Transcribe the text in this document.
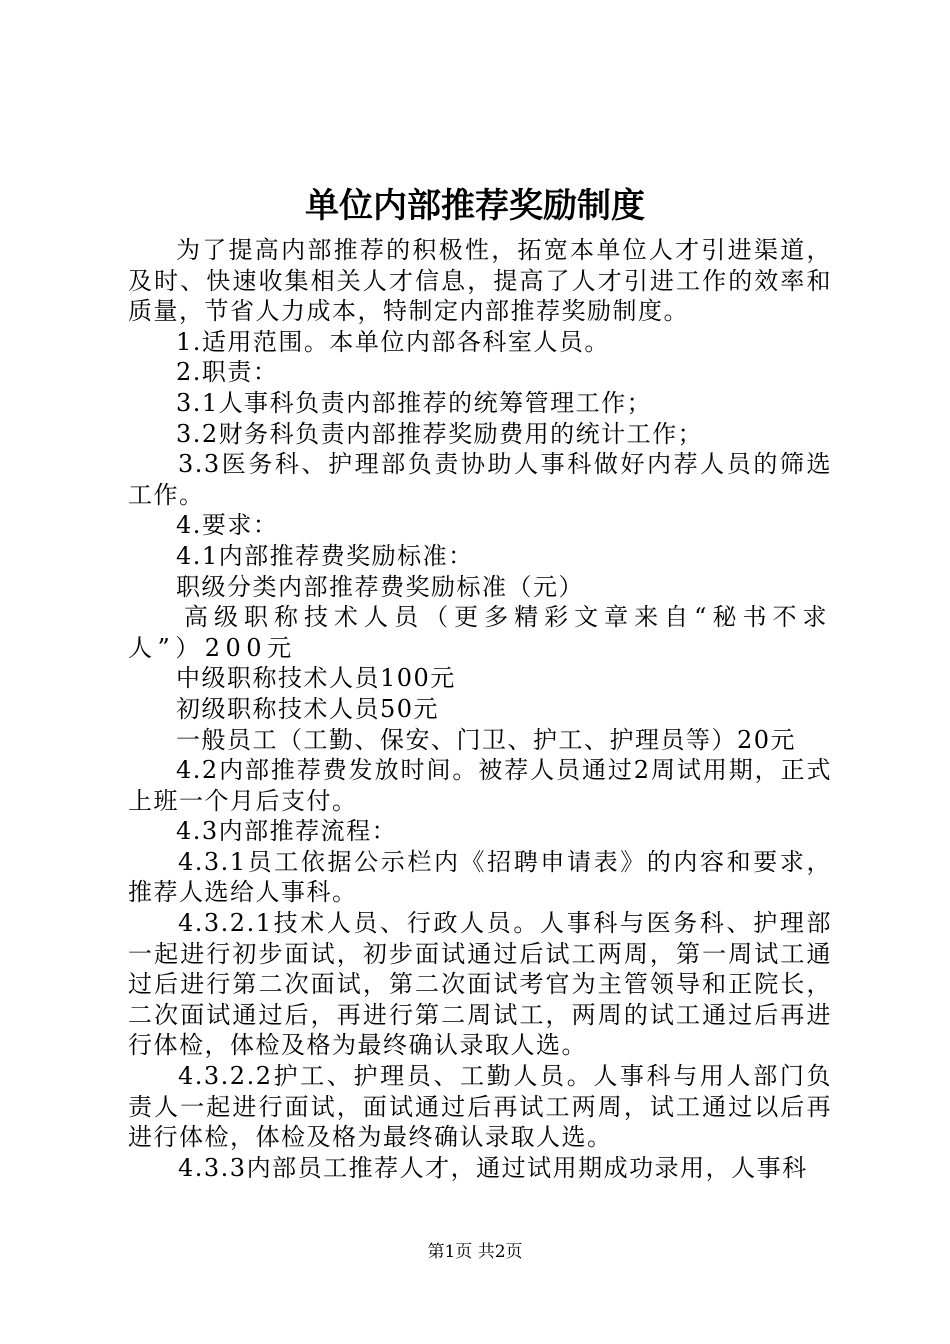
单位内部推荐奖励制度

为了提高内部推荐的积极性，拓宽本单位人才引进渠道，及时、快速收集相关人才信息，提高了人才引进工作的效率和质量，节省人力成本，特制定内部推荐奖励制度。

1.适用范围。本单位内部各科室人员。

2.职责：

3.1人事科负责内部推荐的统筹管理工作；

3.2财务科负责内部推荐奖励费用的统计工作；

3.3医务科、护理部负责协助人事科做好内荐人员的筛选工作。

4.要求：

4.1内部推荐费奖励标准：

职级分类内部推荐费奖励标准（元）

高级职称技术人员（更多精彩文章来自“秘书不求人”）200元

中级职称技术人员100元

初级职称技术人员50元

一般员工（工勤、保安、门卫、护工、护理员等）20元

4.2内部推荐费发放时间。被荐人员通过2周试用期，正式上班一个月后支付。

4.3内部推荐流程：

4.3.1员工依据公示栏内《招聘申请表》的内容和要求，推荐人选给人事科。

4.3.2.1技术人员、行政人员。人事科与医务科、护理部一起进行初步面试，初步面试通过后试工两周，第一周试工通过后进行第二次面试，第二次面试考官为主管领导和正院长，二次面试通过后，再进行第二周试工，两周的试工通过后再进行体检，体检及格为最终确认录取人选。

4.3.2.2护工、护理员、工勤人员。人事科与用人部门负责人一起进行面试，面试通过后再试工两周，试工通过以后再进行体检，体检及格为最终确认录取人选。

4.3.3内部员工推荐人才，通过试用期成功录用，人事科

第1页 共2页
